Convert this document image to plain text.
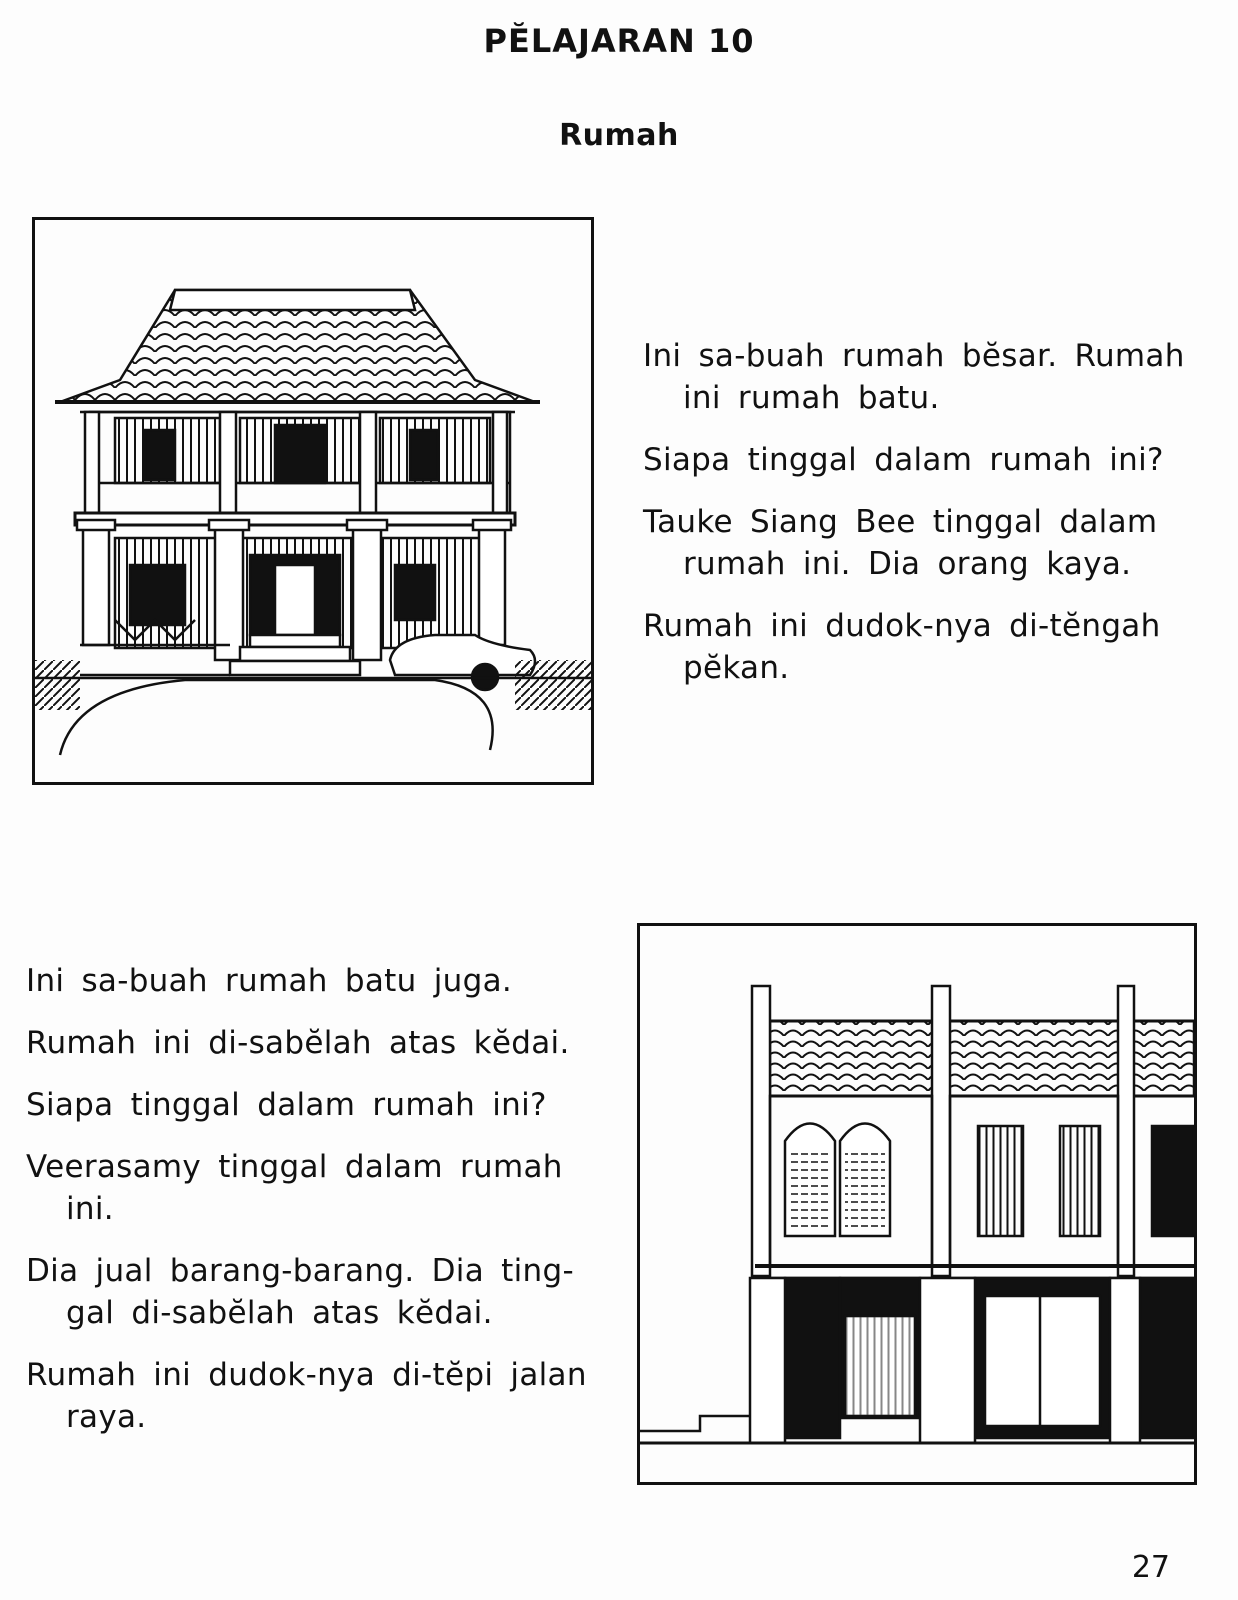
PĔLAJARAN 10
Rumah

Ini sa-buah rumah bĕsar. Rumah ini rumah batu.

Siapa tinggal dalam rumah ini?

Tauke Siang Bee tinggal dalam rumah ini. Dia orang kaya.

Rumah ini dudok-nya di-tĕngah pĕkan.

Ini sa-buah rumah batu juga.

Rumah ini di-sabĕlah atas kĕdai.

Siapa tinggal dalam rumah ini?

Veerasamy tinggal dalam rumah ini.

Dia jual barang-barang. Dia ting-gal di-sabĕlah atas kĕdai.

Rumah ini dudok-nya di-tĕpi jalan raya.

27
